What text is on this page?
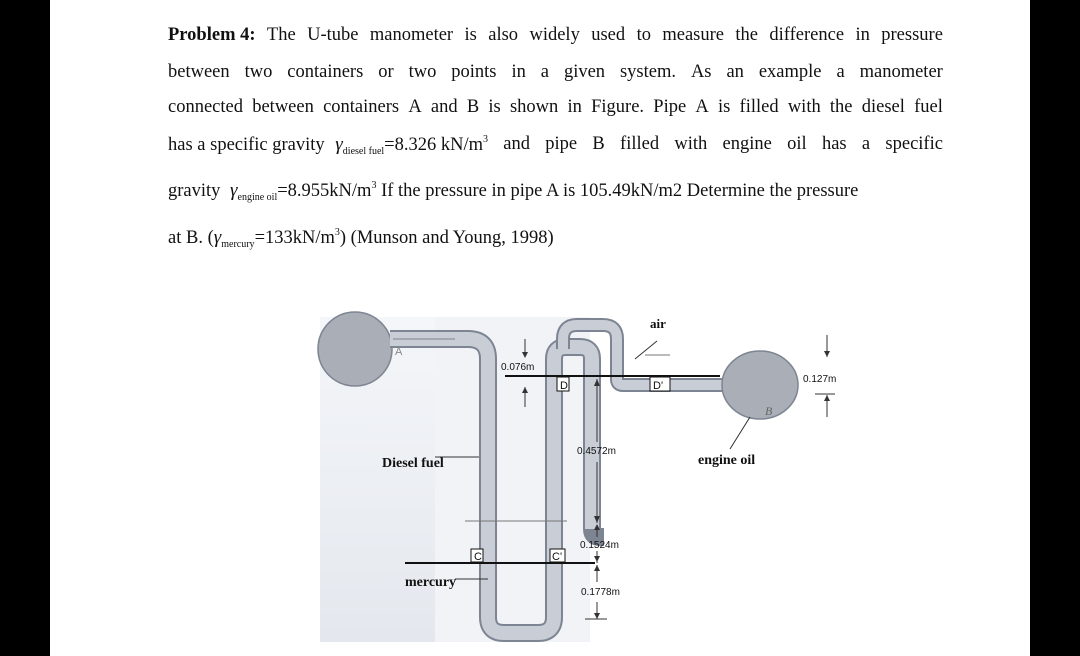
Problem 4: The U-tube manometer is also widely used to measure the difference in pressure
between two containers or two points in a given system. As an example a manometer
connected between containers A and B is shown in Figure. Pipe A is filled with the diesel fuel
has a specific gravity $\gamma_{diesel fuel}=8.326$ $kN/m^3$ and pipe B filled with engine oil has a specific
gravity $\gamma_{engine oil}=8.955kN/m^3$ If the pressure in pipe A is 105.49kN/m2 Determine the pressure
at B. $(\gamma_{mercury}=133kN/m^3)$ (Munson and Young, 1998)
A
B
air
D	D'
C	C'
Diesel fuel	engine oil
mercury
0.076m
0.127m
0.4572m
0.1524m
0.1778m
